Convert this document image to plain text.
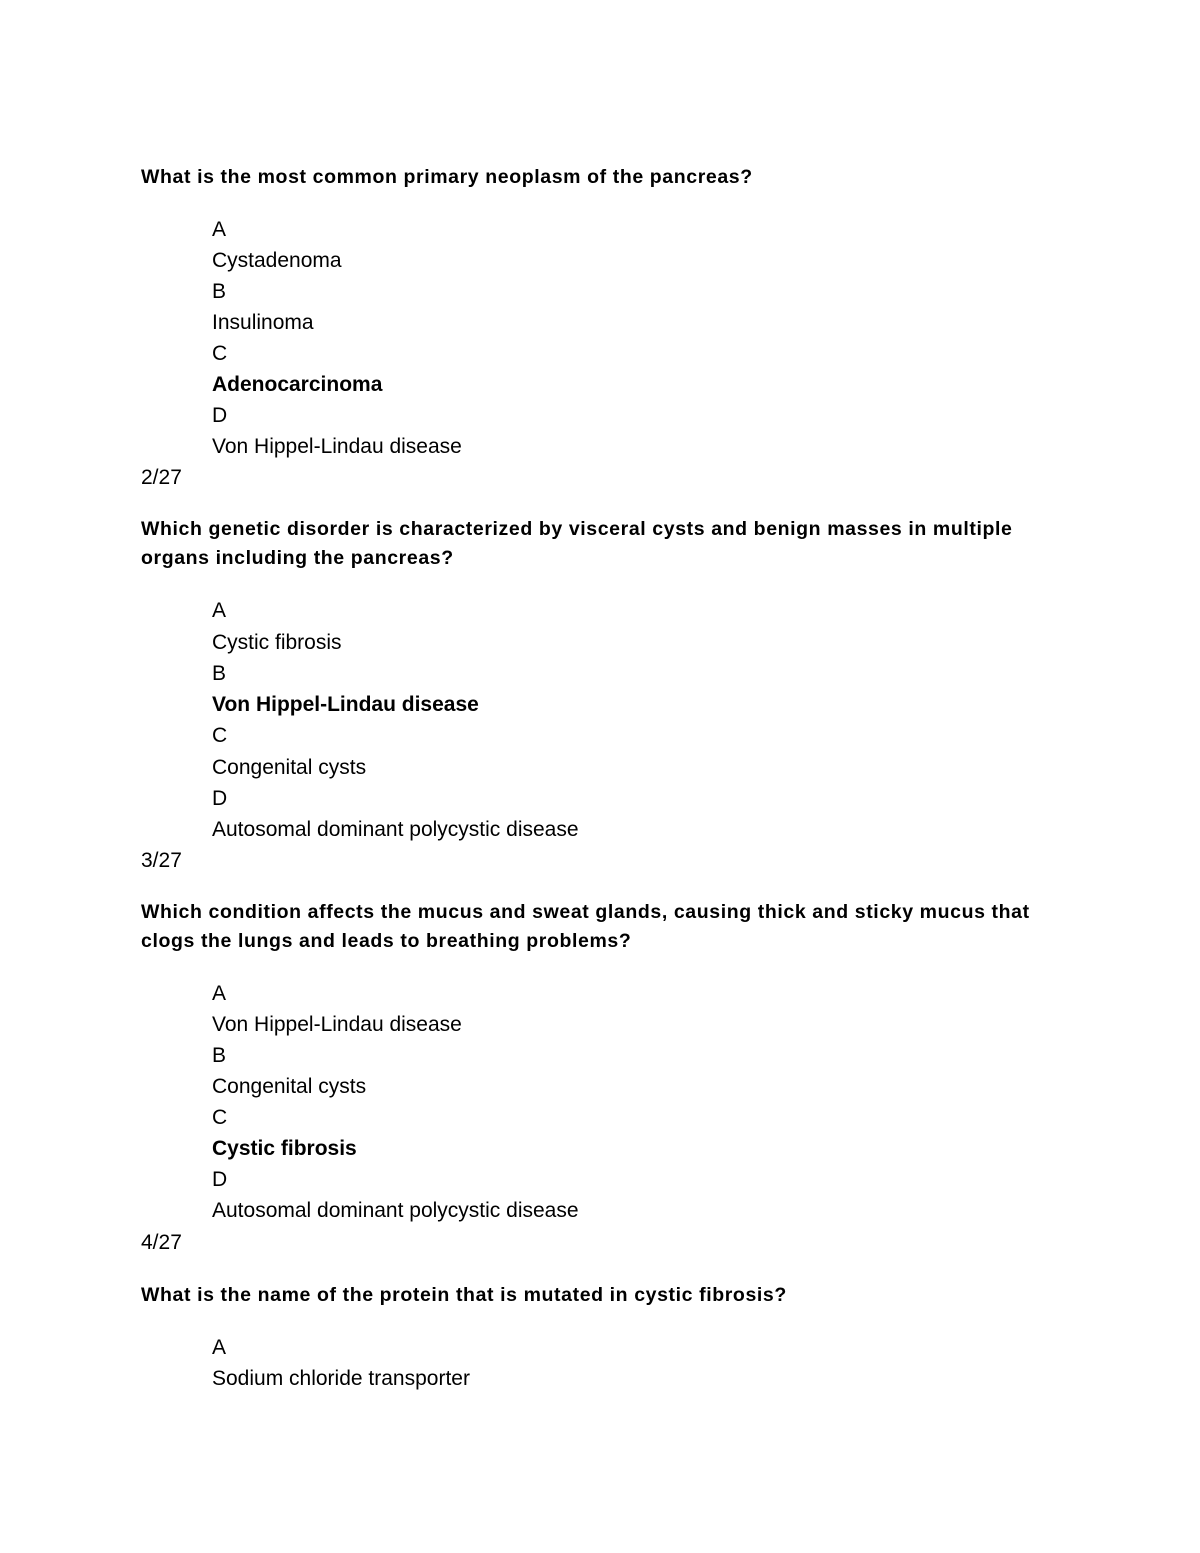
What is the most common primary neoplasm of the pancreas?
A
Cystadenoma
B
Insulinoma
C
Adenocarcinoma
D
Von Hippel-Lindau disease
2/27
Which genetic disorder is characterized by visceral cysts and benign masses in multiple organs including the pancreas?
A
Cystic fibrosis
B
Von Hippel-Lindau disease
C
Congenital cysts
D
Autosomal dominant polycystic disease
3/27
Which condition affects the mucus and sweat glands, causing thick and sticky mucus that clogs the lungs and leads to breathing problems?
A
Von Hippel-Lindau disease
B
Congenital cysts
C
Cystic fibrosis
D
Autosomal dominant polycystic disease
4/27
What is the name of the protein that is mutated in cystic fibrosis?
A
Sodium chloride transporter
